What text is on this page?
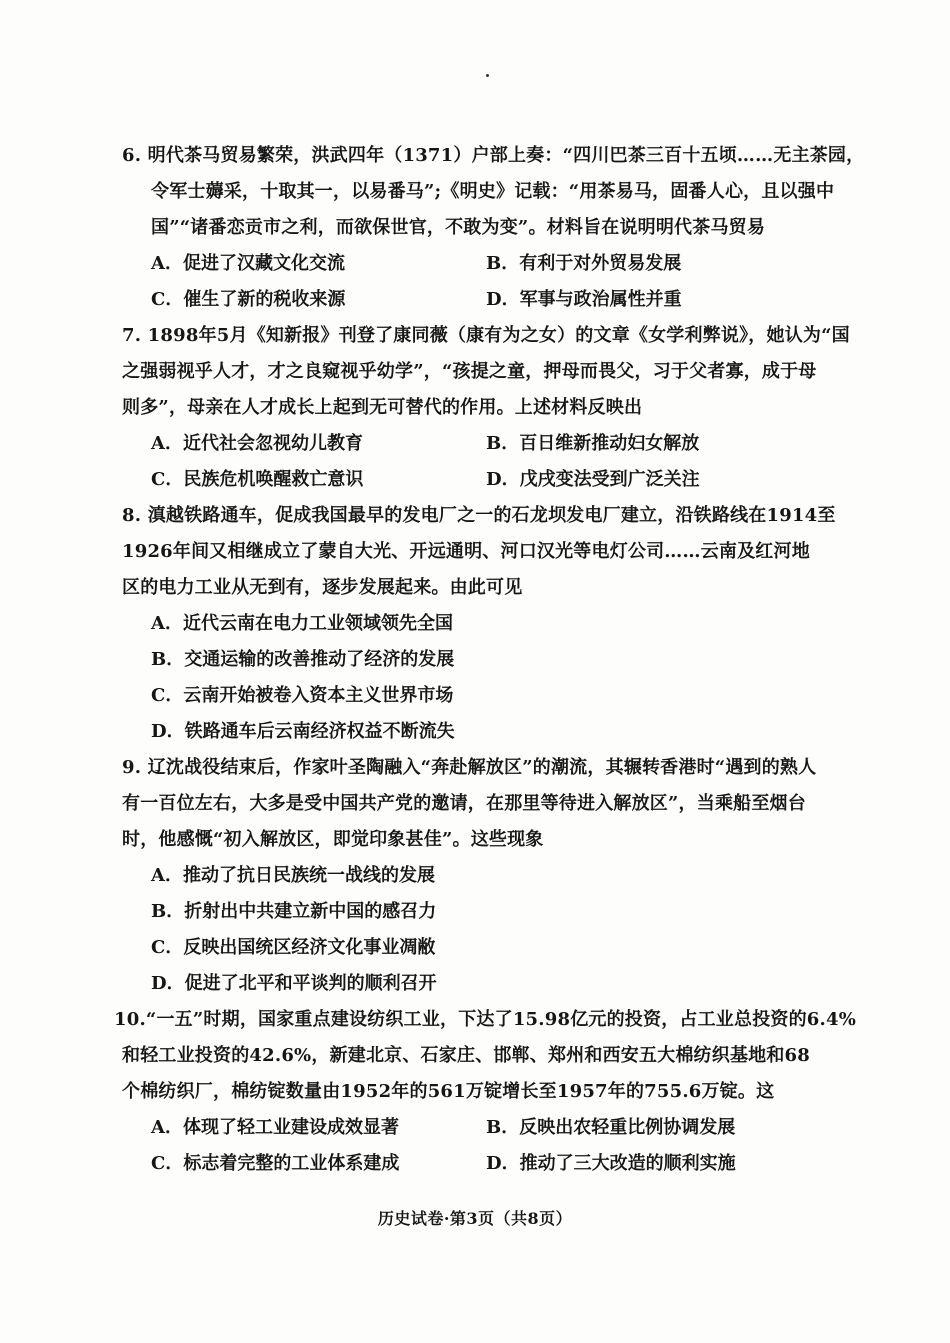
6. 明代茶马贸易繁荣，洪武四年（1371）户部上奏：“四川巴茶三百十五顷……无主茶园，
令军士薅采，十取其一，以易番马”;《明史》记载：“用茶易马，固番人心，且以强中
国”“诸番恋贡市之利，而欲保世官，不敢为变”。材料旨在说明明代茶马贸易
A．促进了汉藏文化交流	B．有利于对外贸易发展
C．催生了新的税收来源	D．军事与政治属性并重
7. 1898年5月《知新报》刊登了康同薇（康有为之女）的文章《女学利弊说》，她认为“国
之强弱视乎人才，才之良窥视乎幼学”，“孩提之童，押母而畏父，习于父者寡，成于母
则多”，母亲在人才成长上起到无可替代的作用。上述材料反映出
A．近代社会忽视幼儿教育	B．百日维新推动妇女解放
C．民族危机唤醒救亡意识	D．戊戌变法受到广泛关注
8. 滇越铁路通车，促成我国最早的发电厂之一的石龙坝发电厂建立，沿铁路线在1914至
1926年间又相继成立了蒙自大光、开远通明、河口汉光等电灯公司……云南及红河地
区的电力工业从无到有，逐步发展起来。由此可见
A．近代云南在电力工业领域领先全国
B．交通运输的改善推动了经济的发展
C．云南开始被卷入资本主义世界市场
D．铁路通车后云南经济权益不断流失
9. 辽沈战役结束后，作家叶圣陶融入“奔赴解放区”的潮流，其辗转香港时“遇到的熟人
有一百位左右，大多是受中国共产党的邀请，在那里等待进入解放区”，当乘船至烟台
时，他感慨“初入解放区，即觉印象甚佳”。这些现象
A．推动了抗日民族统一战线的发展
B．折射出中共建立新中国的感召力
C．反映出国统区经济文化事业凋敝
D．促进了北平和平谈判的顺利召开
10.“一五”时期，国家重点建设纺织工业，下达了15.98亿元的投资，占工业总投资的6.4%
和轻工业投资的42.6%，新建北京、石家庄、邯郸、郑州和西安五大棉纺织基地和68
个棉纺织厂，棉纺锭数量由1952年的561万锭增长至1957年的755.6万锭。这
A．体现了轻工业建设成效显著	B．反映出农轻重比例协调发展
C．标志着完整的工业体系建成	D．推动了三大改造的顺利实施
历史试卷·第3页（共8页）
